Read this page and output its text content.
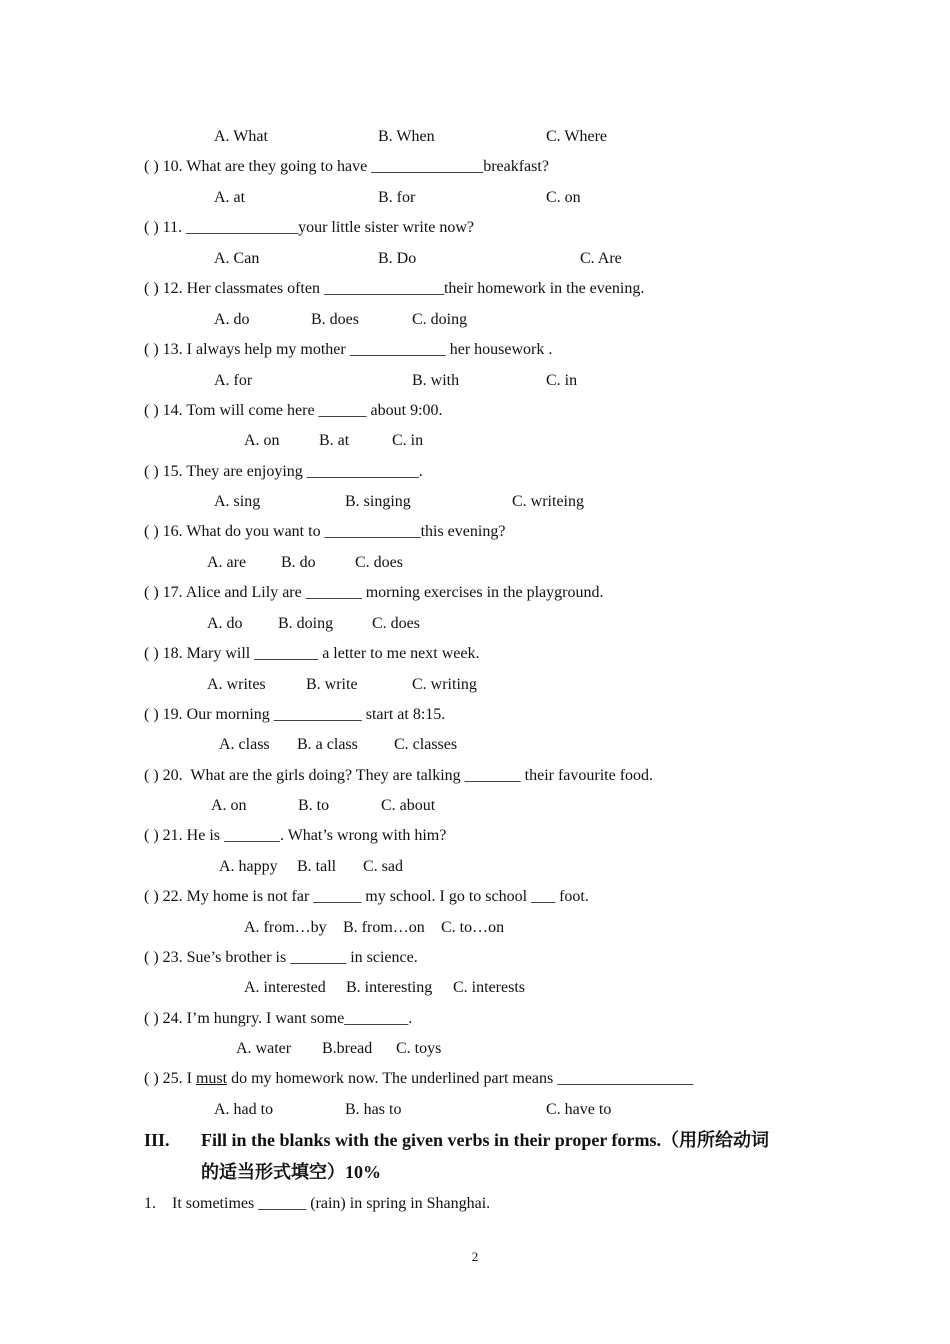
A. What	B. When	C. Where
( ) 10. What are they going to have ______________breakfast?
A. at	B. for	C. on
( ) 11. ______________your little sister write now?
A. Can	B. Do	C. Are
( ) 12. Her classmates often _______________their homework in the evening.
A. do	B. does	C. doing
( ) 13. I always help my mother ____________ her housework .
A. for	B. with	C. in
( ) 14. Tom will come here ______ about 9:00.
A. on B. at	C. in
( ) 15. They are enjoying ______________.
A. sing	B. singing	C. writeing
( ) 16. What do you want to ____________this evening?
A. are B. do C. does
( ) 17. Alice and Lily are _______ morning exercises in the playground.
A. do B. doing C. does
( ) 18. Mary will ________ a letter to me next week.
A. writes	B. write	C. writing
( ) 19. Our morning ___________ start at 8:15.
A. class B. a class C. classes
( ) 20.  What are the girls doing? They are talking _______ their favourite food.
A. on	B. to	C. about
( ) 21. He is _______. What’s wrong with him?
A. happy B. tall C. sad
( ) 22. My home is not far ______ my school. I go to school ___ foot.
A. from…by B. from…on C. to…on
( ) 23. Sue’s brother is _______ in science.
A. interested B. interesting C. interests
( ) 24. I’m hungry. I want some________.
A. water B.bread C. toys
( ) 25. I must do my homework now. The underlined part means _________________
A. had to	B. has to	C. have to
III. Fill in the blanks with the given verbs in their proper forms.（用所给动词
的适当形式填空）10%
1. It sometimes ______ (rain) in spring in Shanghai.
2
